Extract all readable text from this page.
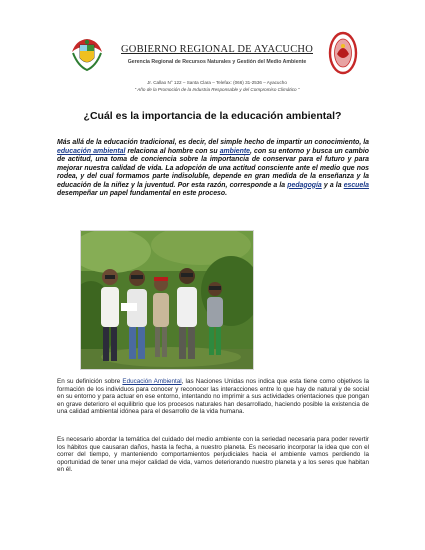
GOBIERNO REGIONAL DE AYACUCHO
Gerencia Regional de Recursos Naturales y Gestión del Medio Ambiente
Jr. Callao N° 122 – Santa Clara – Telefax: (066) 31-2536 – Ayacucho
“ Año de la Promoción de la Industria Responsable y del Compromiso Climático ”
¿Cuál es la importancia de la educación ambiental?
Más allá de la educación tradicional, es decir, del simple hecho de impartir un conocimiento, la educación ambiental relaciona al hombre con su ambiente, con su entorno y busca un cambio de actitud, una toma de conciencia sobre la importancia de conservar para el futuro y para mejorar nuestra calidad de vida. La adopción de una actitud consciente ante el medio que nos rodea, y del cual formamos parte indisoluble, depende en gran medida de la enseñanza y la educación de la niñez y la juventud. Por esta razón, corresponde a la pedagogía y a la escuela desempeñar un papel fundamental en este proceso.
En su definición sobre Educación Ambiental, las Naciones Unidas nos indica que esta tiene como objetivos la formación de los individuos para conocer y reconocer las interacciones entre lo que hay de natural y de social en su entorno y para actuar en ese entorno, intentando no imprimir a sus actividades orientaciones que pongan en grave deterioro el equilibrio que los procesos naturales han desarrollado, haciendo posible la existencia de una calidad ambiental idónea para el desarrollo de la vida humana.
Es necesario abordar la temática del cuidado del medio ambiente con la seriedad necesaria para poder revertir los hábitos que causaran daños, hasta la fecha, a nuestro planeta. Es necesario incorporar la idea que con el correr del tiempo, y manteniendo comportamientos perjudiciales hacia el ambiente vamos perdiendo la oportunidad de tener una mejor calidad de vida, vamos deteriorando nuestro planeta y a los seres que habitan en él.
